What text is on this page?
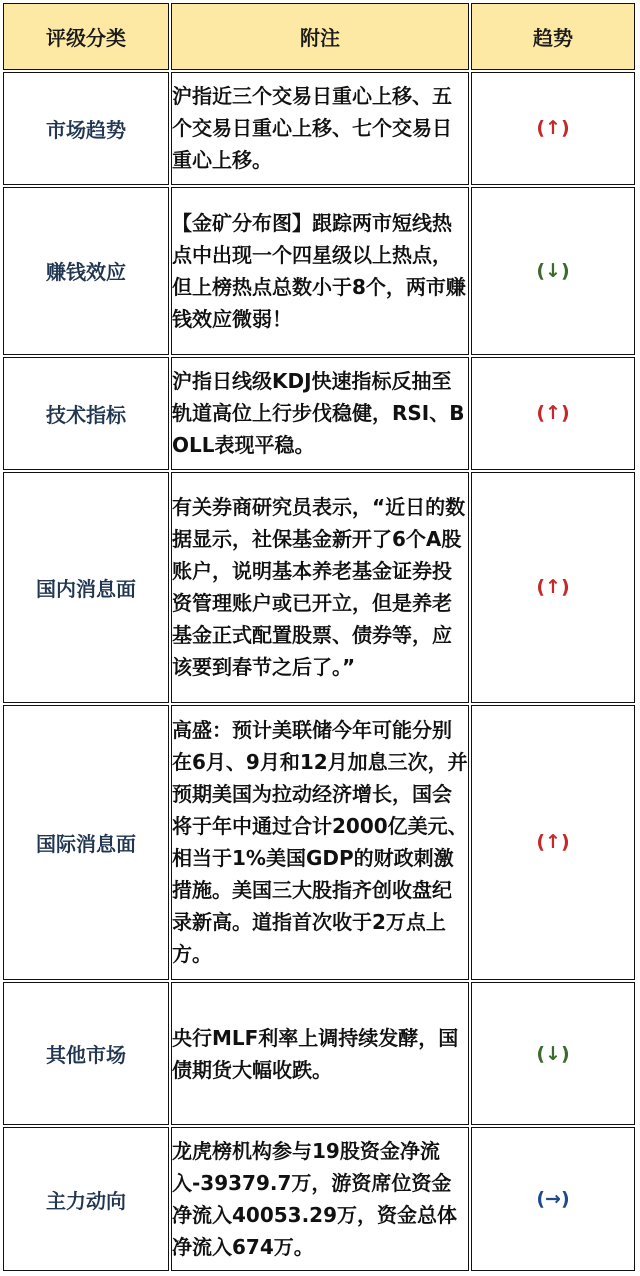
评级分类	附注	趋势
市场趋势	沪指近三个交易日重心上移、五个交易日重心上移、七个交易日重心上移。	(↑)
赚钱效应	【金矿分布图】跟踪两市短线热点中出现一个四星级以上热点，但上榜热点总数小于8个，两市赚钱效应微弱！	(↓)
技术指标	沪指日线级KDJ快速指标反抽至轨道高位上行步伐稳健，RSI、BOLL表现平稳。	(↑)
国内消息面	有关券商研究员表示，“近日的数据显示，社保基金新开了6个A股账户，说明基本养老基金证券投资管理账户或已开立，但是养老基金正式配置股票、债券等，应该要到春节之后了。”	(↑)
国际消息面	高盛：预计美联储今年可能分别在6月、9月和12月加息三次，并预期美国为拉动经济增长，国会将于年中通过合计2000亿美元、相当于1%美国GDP的财政刺激措施。美国三大股指齐创收盘纪录新高。道指首次收于2万点上方。	(↑)
其他市场	央行MLF利率上调持续发酵，国债期货大幅收跌。	(↓)
主力动向	龙虎榜机构参与19股资金净流入-39379.7万，游资席位资金净流入40053.29万，资金总体净流入674万。	(→)
